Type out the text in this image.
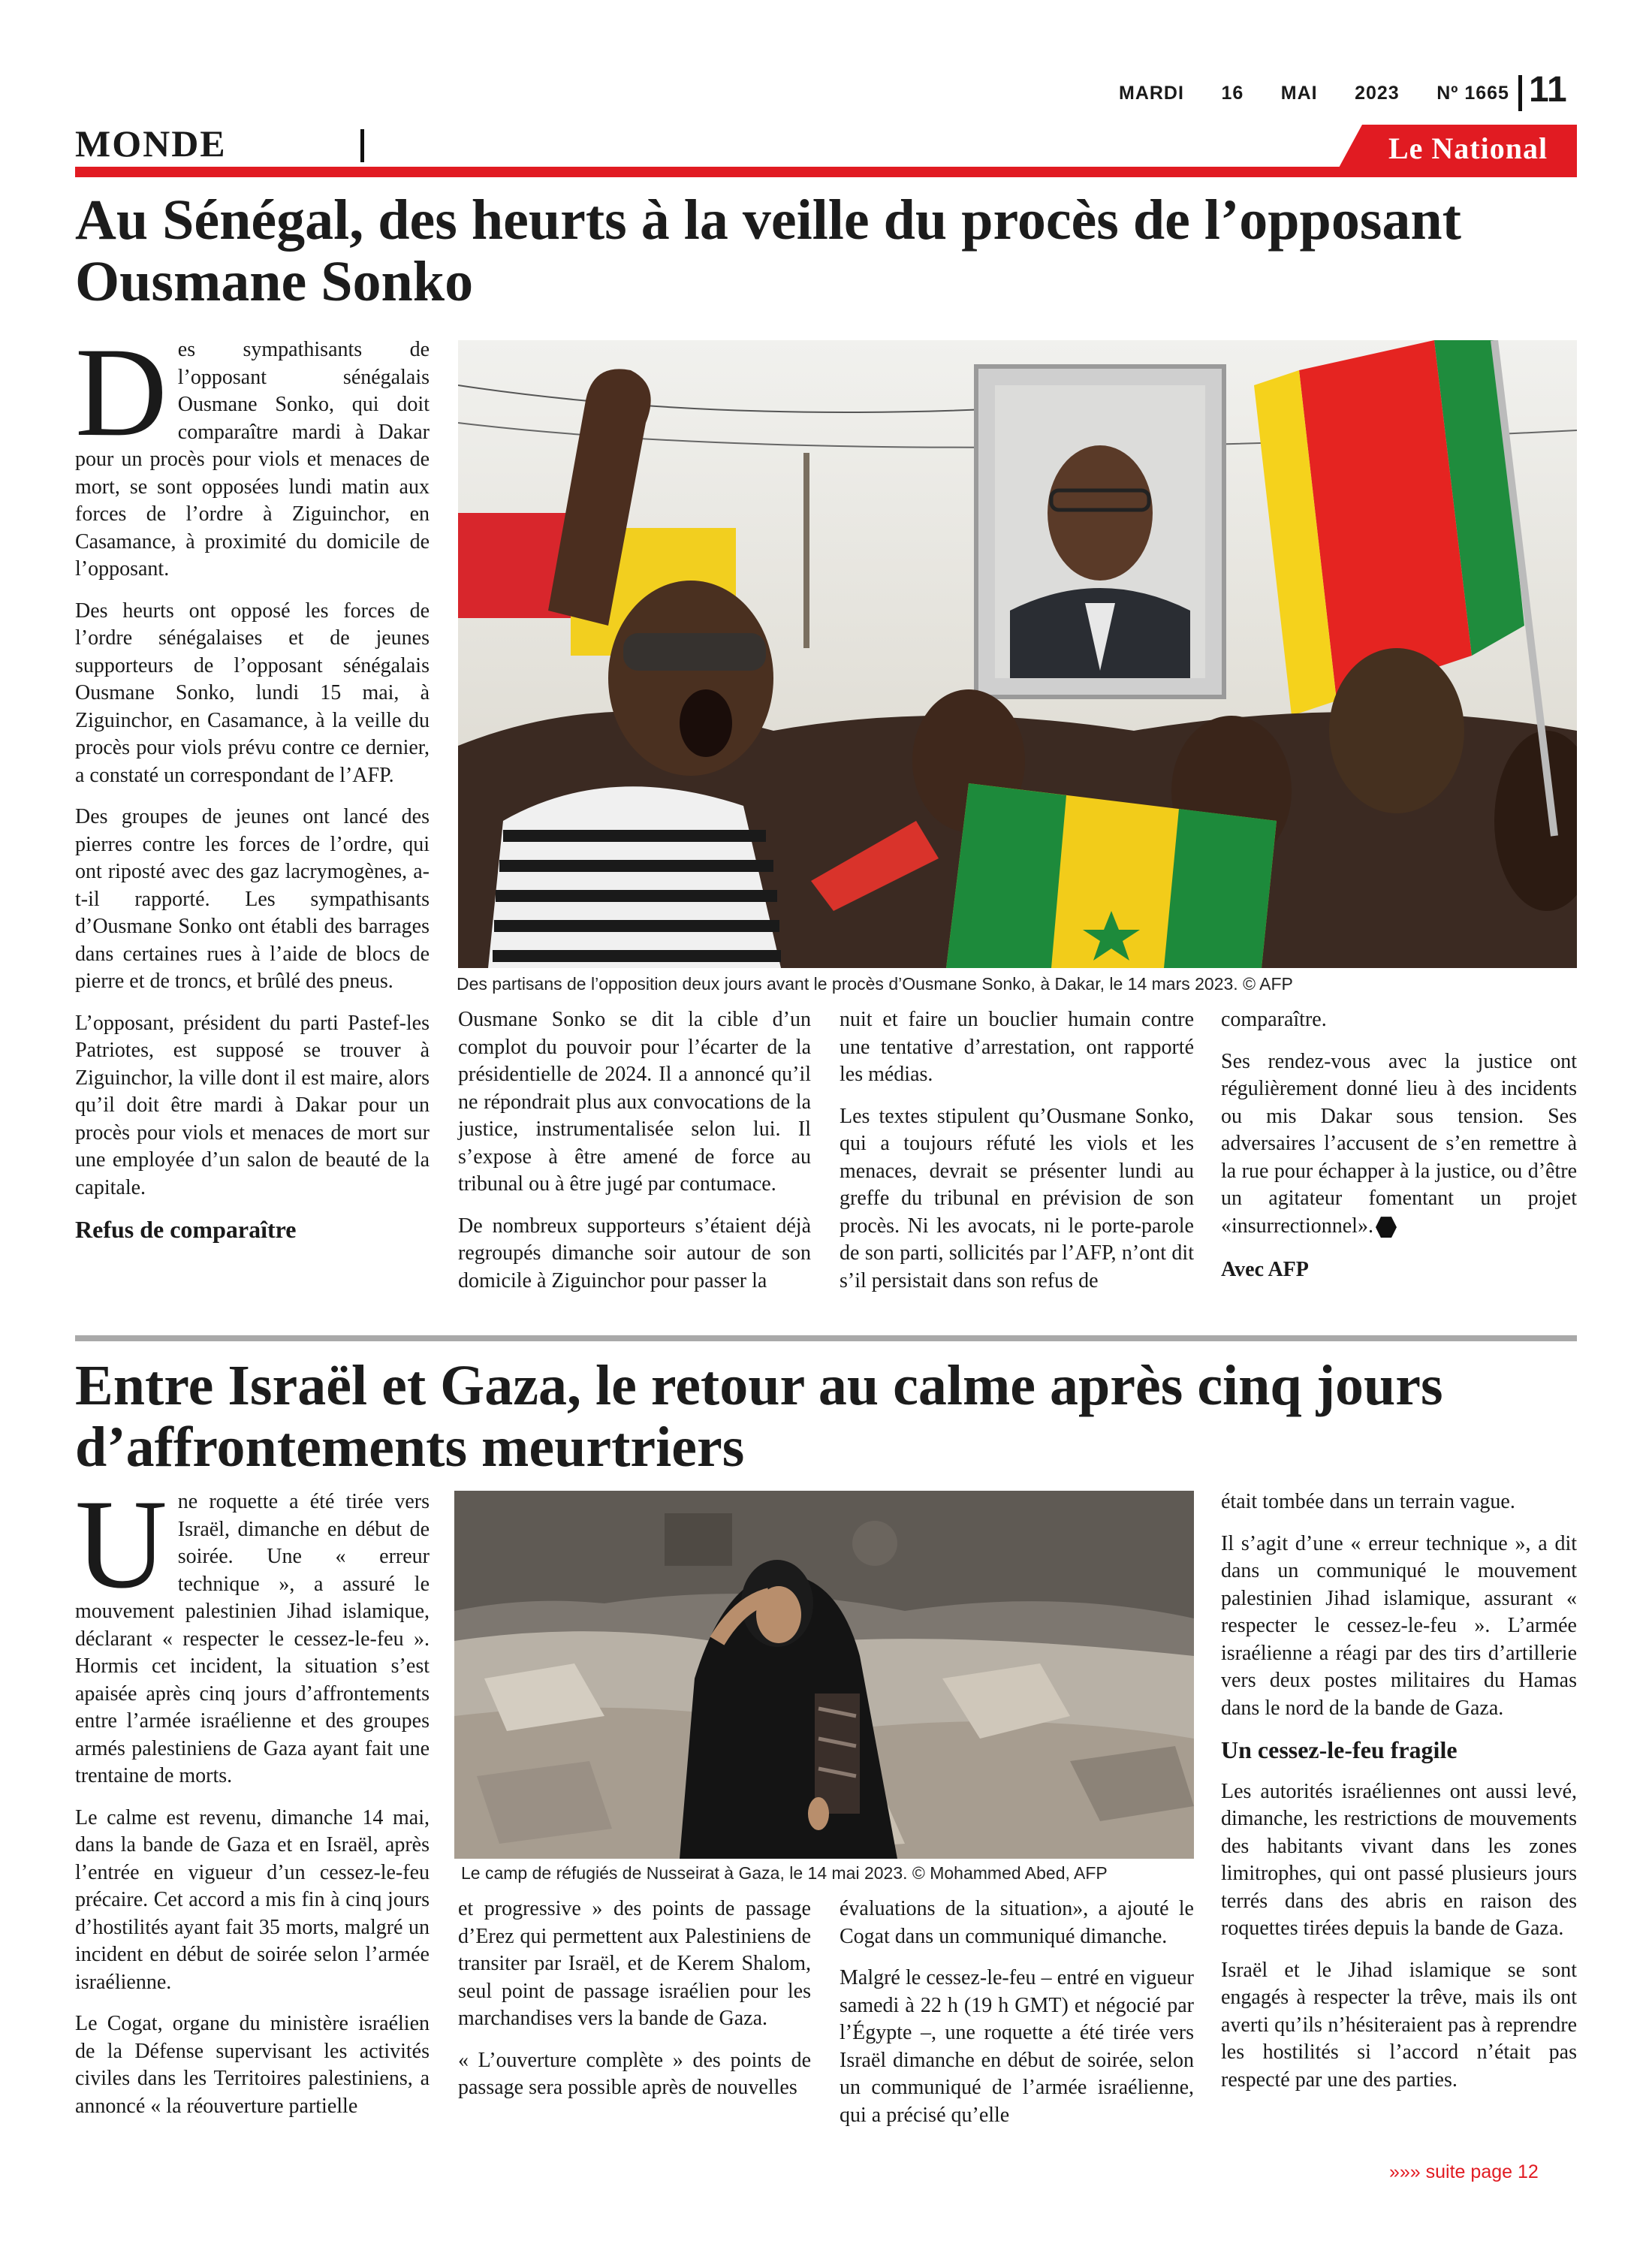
MARDI 16 MAI 2023 Nº 1665 11
MONDE	Le National
Au Sénégal, des heurts à la veille du procès de l’opposant Ousmane Sonko

D es sympathisants de l’opposant sénégalais Ousmane Sonko, qui doit comparaître mardi à Dakar pour un procès pour viols et menaces de mort, se sont opposées lundi matin aux forces de l’ordre à Ziguinchor, en Casamance, à proximité du domicile de l’opposant.

Des heurts ont opposé les forces de l’ordre sénégalaises et de jeunes supporteurs de l’opposant sénégalais Ousmane Sonko, lundi 15 mai, à Ziguinchor, en Casamance, à la veille du procès pour viols prévu contre ce dernier, a constaté un correspondant de l’AFP.

Des groupes de jeunes ont lancé des pierres contre les forces de l’ordre, qui ont riposté avec des gaz lacrymogènes, a-t-il rapporté. Les sympathisants d’Ousmane Sonko ont établi des barrages dans certaines rues à l’aide de blocs de pierre et de troncs, et brûlé des pneus.

L’opposant, président du parti Pastef-les Patriotes, est supposé se trouver à Ziguinchor, la ville dont il est maire, alors qu’il doit être mardi à Dakar pour un procès pour viols et menaces de mort sur une employée d’un salon de beauté de la capitale.

Refus de comparaître

Des partisans de l’opposition deux jours avant le procès d’Ousmane Sonko, à Dakar, le 14 mars 2023. © AFP

Ousmane Sonko se dit la cible d’un complot du pouvoir pour l’écarter de la présidentielle de 2024. Il a annoncé qu’il ne répondrait plus aux convocations de la justice, instrumentalisée selon lui. Il s’expose à être amené de force au tribunal ou à être jugé par contumace.

De nombreux supporteurs s’étaient déjà regroupés dimanche soir autour de son domicile à Ziguinchor pour passer la

nuit et faire un bouclier humain contre une tentative d’arrestation, ont rapporté les médias.

Les textes stipulent qu’Ousmane Sonko, qui a toujours réfuté les viols et les menaces, devrait se présenter lundi au greffe du tribunal en prévision de son procès. Ni les avocats, ni le porte-parole de son parti, sollicités par l’AFP, n’ont dit s’il persistait dans son refus de

comparaître.

Ses rendez-vous avec la justice ont régulièrement donné lieu à des incidents ou mis Dakar sous tension. Ses adversaires l’accusent de s’en remettre à la rue pour échapper à la justice, ou d’être un agitateur fomentant un projet «insurrectionnel».

Avec AFP

Entre Israël et Gaza, le retour au calme après cinq jours d’affrontements meurtriers

U ne roquette a été tirée vers Israël, dimanche en début de soirée. Une « erreur technique », a assuré le mouvement palestinien Jihad islamique, déclarant « respecter le cessez-le-feu ». Hormis cet incident, la situation s’est apaisée après cinq jours d’affrontements entre l’armée israélienne et des groupes armés palestiniens de Gaza ayant fait une trentaine de morts.

Le calme est revenu, dimanche 14 mai, dans la bande de Gaza et en Israël, après l’entrée en vigueur d’un cessez-le-feu précaire. Cet accord a mis fin à cinq jours d’hostilités ayant fait 35 morts, malgré un incident en début de soirée selon l’armée israélienne.

Le Cogat, organe du ministère israélien de la Défense supervisant les activités civiles dans les Territoires palestiniens, a annoncé « la réouverture partielle

Le camp de réfugiés de Nusseirat à Gaza, le 14 mai 2023. © Mohammed Abed, AFP

et progressive » des points de passage d’Erez qui permettent aux Palestiniens de transiter par Israël, et de Kerem Shalom, seul point de passage israélien pour les marchandises vers la bande de Gaza.

« L’ouverture complète » des points de passage sera possible après de nouvelles

évaluations de la situation», a ajouté le Cogat dans un communiqué dimanche.

Malgré le cessez-le-feu – entré en vigueur samedi à 22 h (19 h GMT) et négocié par l’Égypte –, une roquette a été tirée vers Israël dimanche en début de soirée, selon un communiqué de l’armée israélienne, qui a précisé qu’elle

était tombée dans un terrain vague.

Il s’agit d’une « erreur technique », a dit dans un communiqué le mouvement palestinien Jihad islamique, assurant « respecter le cessez-le-feu ». L’armée israélienne a réagi par des tirs d’artillerie vers deux postes militaires du Hamas dans le nord de la bande de Gaza.

Un cessez-le-feu fragile

Les autorités israéliennes ont aussi levé, dimanche, les restrictions de mouvements des habitants vivant dans les zones limitrophes, qui ont passé plusieurs jours terrés dans des abris en raison des roquettes tirées depuis la bande de Gaza.

Israël et le Jihad islamique se sont engagés à respecter la trêve, mais ils ont averti qu’ils n’hésiteraient pas à reprendre les hostilités si l’accord n’était pas respecté par une des parties.

»»» suite page 12
